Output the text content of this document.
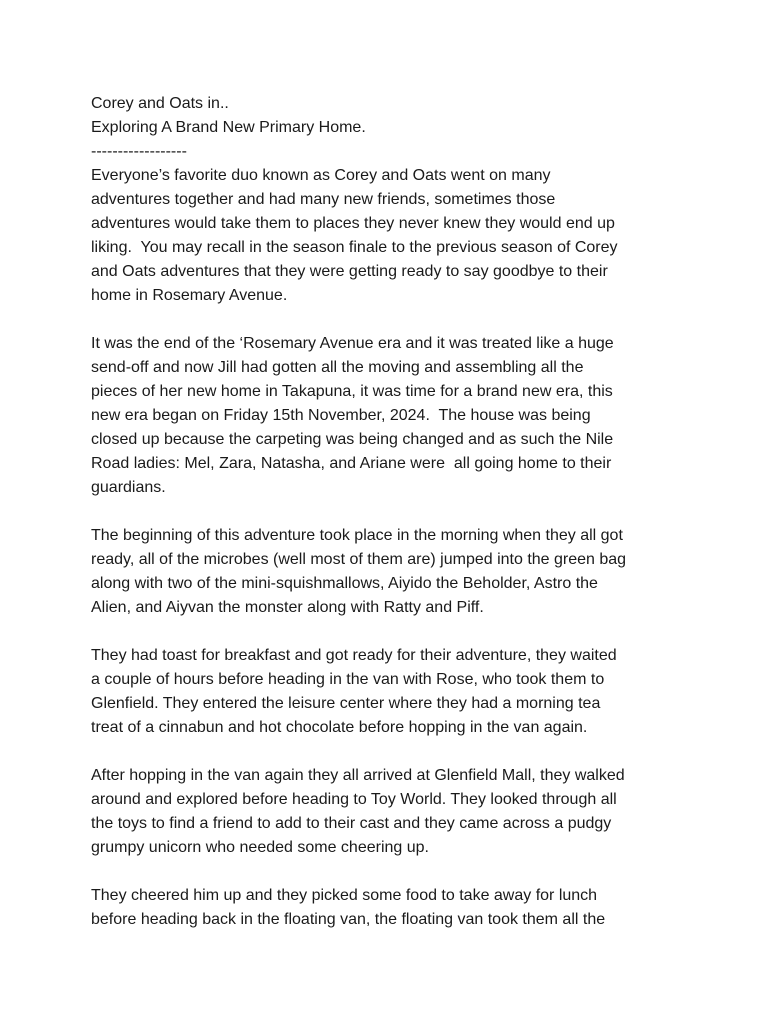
Corey and Oats in..
Exploring A Brand New Primary Home.
------------------
Everyone’s favorite duo known as Corey and Oats went on many
adventures together and had many new friends, sometimes those
adventures would take them to places they never knew they would end up
liking.  You may recall in the season finale to the previous season of Corey
and Oats adventures that they were getting ready to say goodbye to their
home in Rosemary Avenue.
It was the end of the ‘Rosemary Avenue era and it was treated like a huge
send-off and now Jill had gotten all the moving and assembling all the
pieces of her new home in Takapuna, it was time for a brand new era, this
new era began on Friday 15th November, 2024.  The house was being
closed up because the carpeting was being changed and as such the Nile
Road ladies: Mel, Zara, Natasha, and Ariane were  all going home to their
guardians.
The beginning of this adventure took place in the morning when they all got
ready, all of the microbes (well most of them are) jumped into the green bag
along with two of the mini-squishmallows, Aiyido the Beholder, Astro the
Alien, and Aiyvan the monster along with Ratty and Piff.
They had toast for breakfast and got ready for their adventure, they waited
a couple of hours before heading in the van with Rose, who took them to
Glenfield. They entered the leisure center where they had a morning tea
treat of a cinnabun and hot chocolate before hopping in the van again.
After hopping in the van again they all arrived at Glenfield Mall, they walked
around and explored before heading to Toy World. They looked through all
the toys to find a friend to add to their cast and they came across a pudgy
grumpy unicorn who needed some cheering up.
They cheered him up and they picked some food to take away for lunch
before heading back in the floating van, the floating van took them all the
